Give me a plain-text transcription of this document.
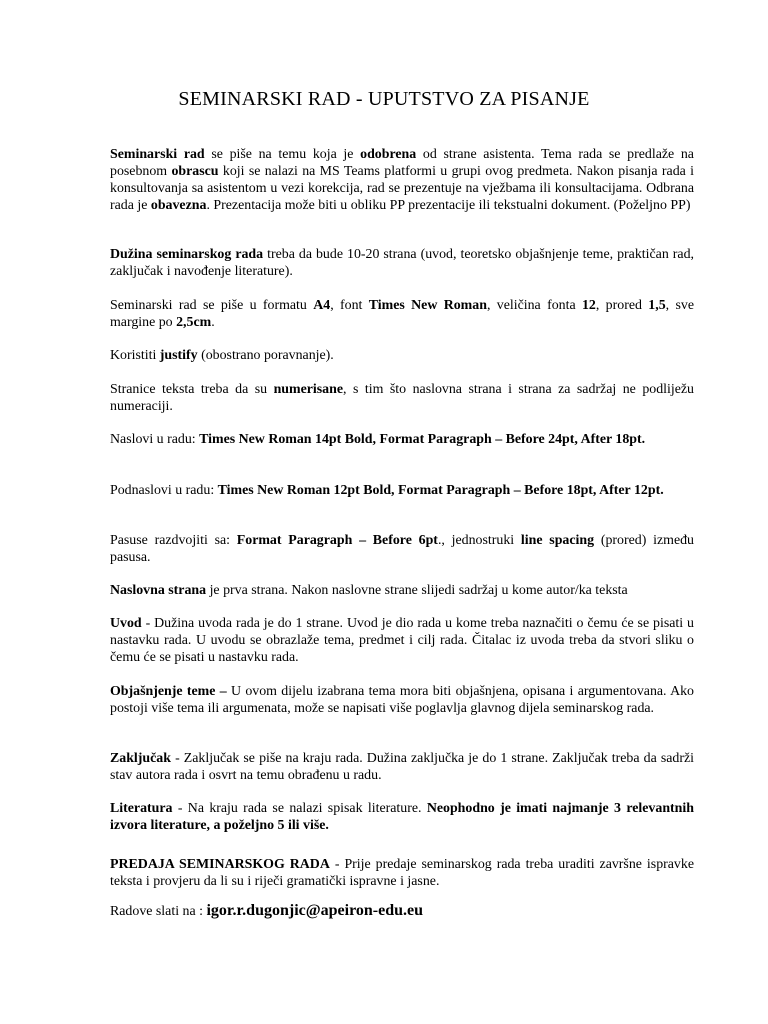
SEMINARSKI RAD - UPUTSTVO ZA PISANJE

Seminarski rad se piše na temu koja je odobrena od strane asistenta. Tema rada se predlaže na posebnom obrascu koji se nalazi na MS Teams platformi u grupi ovog predmeta. Nakon pisanja rada i konsultovanja sa asistentom u vezi korekcija, rad se prezentuje na vježbama ili konsultacijama. Odbrana rada je obavezna. Prezentacija može biti u obliku PP prezentacije ili tekstualni dokument. (Poželjno PP)

Dužina seminarskog rada treba da bude 10-20 strana (uvod, teoretsko objašnjenje teme, praktičan rad, zaključak i navođenje literature).

Seminarski rad se piše u formatu A4, font Times New Roman, veličina fonta 12, prored 1,5, sve margine po 2,5cm.

Koristiti justify (obostrano poravnanje).

Stranice teksta treba da su numerisane, s tim što naslovna strana i strana za sadržaj ne podliježu numeraciji.

Naslovi u radu: Times New Roman 14pt Bold, Format Paragraph – Before 24pt, After 18pt.

Podnaslovi u radu: Times New Roman 12pt Bold, Format Paragraph – Before 18pt, After 12pt.

Pasuse razdvojiti sa: Format Paragraph – Before 6pt., jednostruki line spacing (prored) između pasusa.

Naslovna strana je prva strana. Nakon naslovne strane slijedi sadržaj u kome autor/ka teksta

Uvod - Dužina uvoda rada je do 1 strane. Uvod je dio rada u kome treba naznačiti o čemu će se pisati u nastavku rada. U uvodu se obrazlaže tema, predmet i cilj rada. Čitalac iz uvoda treba da stvori sliku o čemu će se pisati u nastavku rada.

Objašnjenje teme – U ovom dijelu izabrana tema mora biti objašnjena, opisana i argumentovana. Ako postoji više tema ili argumenata, može se napisati više poglavlja glavnog dijela seminarskog rada.

Zaključak - Zaključak se piše na kraju rada. Dužina zaključka je do 1 strane. Zaključak treba da sadrži stav autora rada i osvrt na temu obrađenu u radu.

Literatura - Na kraju rada se nalazi spisak literature. Neophodno je imati najmanje 3 relevantnih izvora literature, a poželjno 5 ili više.

PREDAJA SEMINARSKOG RADA - Prije predaje seminarskog rada treba uraditi završne ispravke teksta i provjeru da li su i riječi gramatički ispravne i jasne.

Radove slati na : igor.r.dugonjic@apeiron-edu.eu
